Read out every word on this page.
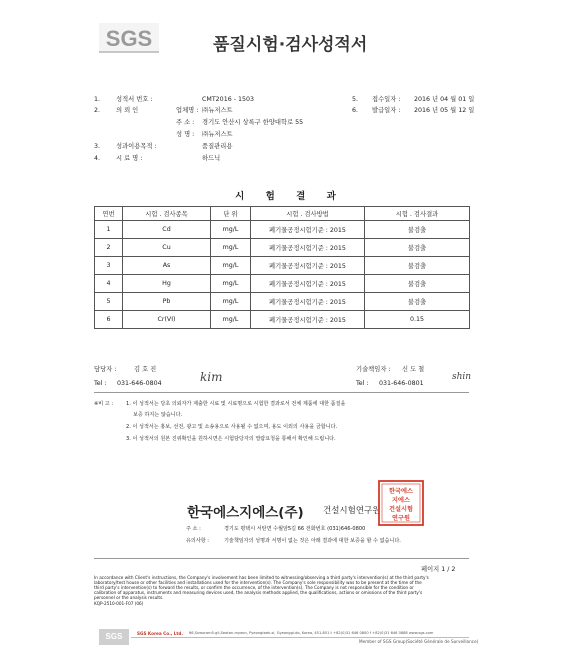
SGS	품질시험·검사성적서
1.	성적서 번호 :	CMT2016 - 1503
2.	의 뢰 인	업체명 : ㈜뉴저스트
주 소 :	경기도 안산시 상록구 한양대학로 55
성 명 :	㈜뉴저스트
3.	성과이용목적 :	품질관리용
4.	시 료 명 :	하드닉
5. 접수일자 : 2016 년 04 월 01 일
6. 발급일자 : 2016 년 05 월 12 일
시 험 결 과
연번	시험 . 검사종목	단 위	시험 . 검사방법	시험 . 검사결과
1	Cd	mg/L	폐기물공정시험기준 : 2015	불검출
2	Cu	mg/L	폐기물공정시험기준 : 2015	불검출
3	As	mg/L	폐기물공정시험기준 : 2015	불검출
4	Hg	mg/L	폐기물공정시험기준 : 2015	불검출
5	Pb	mg/L	폐기물공정시험기준 : 2015	불검출
6	Cr(VI)	mg/L	폐기물공정시험기준 : 2015	0.15
담당자 :	김 호 진
Tel : 031-646-0804	kim
기술책임자 : 신 도 철
Tel : 031-646-0801
shin
※비 고 :	1. 이 성적서는 당초 의뢰자가 제출한 시료 및 시료명으로 시험한 결과로서 전체 제품에 대한 품질을
보증 하지는 않습니다.
2. 이 성적서는 홍보, 선전, 광고 및 소송용으로 사용될 수 없으며, 용도 이외의 사용을 금합니다.
3. 이 성적서의 원본 진위확인을 원하시면은 시험담당자의 열람요청을 통해서 확인해 드립니다.
한국에스지에스(주) 건설시험연구원
한국에스
지에스
건설시험
연구원
주 소 :	경기도 평택시 서탄면 수월암5길 66 전화번호 (031)646-0800
유의사항 :	기술책임자의 성명과 서명이 없는 것은 아래 결과에 대한 보증을 할 수 없습니다.
페이지 1 / 2
In accordance with Client's instructions, the Company's involvement has been limited to witnessing/observing a third party's intervention(s) at the third party's
laboratory/test house or other facilities and installations used for the intervention(s). The Company's sole responsibility was to be present at the time of the
third party's intervention(s) to forward the results, or confirm the occurrence, of the intervention(s). The Company is not responsible for the condition or
calibration of apparatus, instruments and measuring devices used, the analysis methods applied, the qualifications, actions or omissions of the third party's
personnel or the analysis results.
KQP-2510-001-F07 (06)
SGS	SGS Korea Co., Ltd. 66,Suworam5-gil,Seotan-myeon, Pyeongtaek-si, Gyeonggi-do, Korea, 451-851 t +82(0)31 646 0800 f +82(0)31 646 0888 www.sgs.com
Member of SGS Group(Société Générale de Surveillance)
